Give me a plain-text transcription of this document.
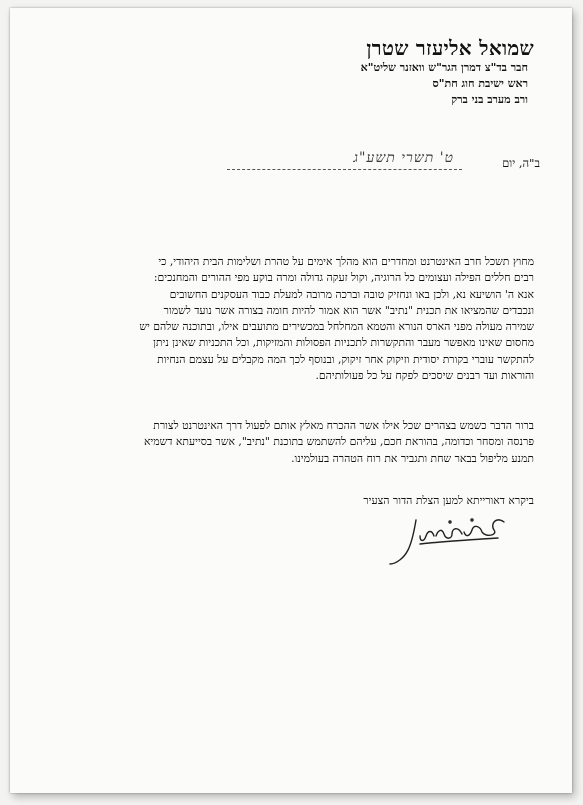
שמואל אליעזר שטרן
חבר בד"צ דמרן הגר"ש וואזנר שליט"א
ראש ישיבת חוג חת"ס
ורב מערב בני ברק
ב"ה, יום
ט' תשרי תשע"ג
מחוץ תשכל חרב האינטרנט ומחדרים הוא מהלך אימים על טהרת ושלימות הבית היהודי, כי
רבים חללים הפילה ועצומים כל הרוגיה, וקול זעקה גדולה ומרה בוקע מפי ההורים והמחנכים:
אנא ה' הושיעא נא, ולכן באו ונחזיק טובה וברכה מרובה למעלת כבוד העסקנים החשובים
ונכבדים שהמציאו את תכנית "נתיב" אשר הוא אמור להיות חומה בצורה אשר נועד לשמור
שמירה מעולה מפני הארס הנורא והטמא המחלחל במכשירים מתועבים אילו, ובתוכנה שלהם יש
מחסום שאינו מאפשר מעבר והתקשרות לתכניות הפסולות והמזיקות, וכל התכניות שאינן ניתן
להתקשר עוברי בקורת יסודית וזיקוק אחר זיקוק, ובנוסף לכך המה מקבלים על עצמם הנחיות
והוראות ועד רבנים שיסכים לפקח על כל פעולותיהם.
ברור הדבר כשמש בצהרים שכל אילו אשר ההכרח מאלץ אותם לפעול דרך האינטרנט לצורת
פרנסה ומסחר וכדומה, בהוראת חכם, עליהם להשתמש בתוכנת "נתיב", אשר בסייעתא דשמיא
תמנע מליפול בבאר שחת ותגביר את רוח הטהרה בעולמינו.
ביקרא דאורייתא למען הצלת הדור הצעיר
